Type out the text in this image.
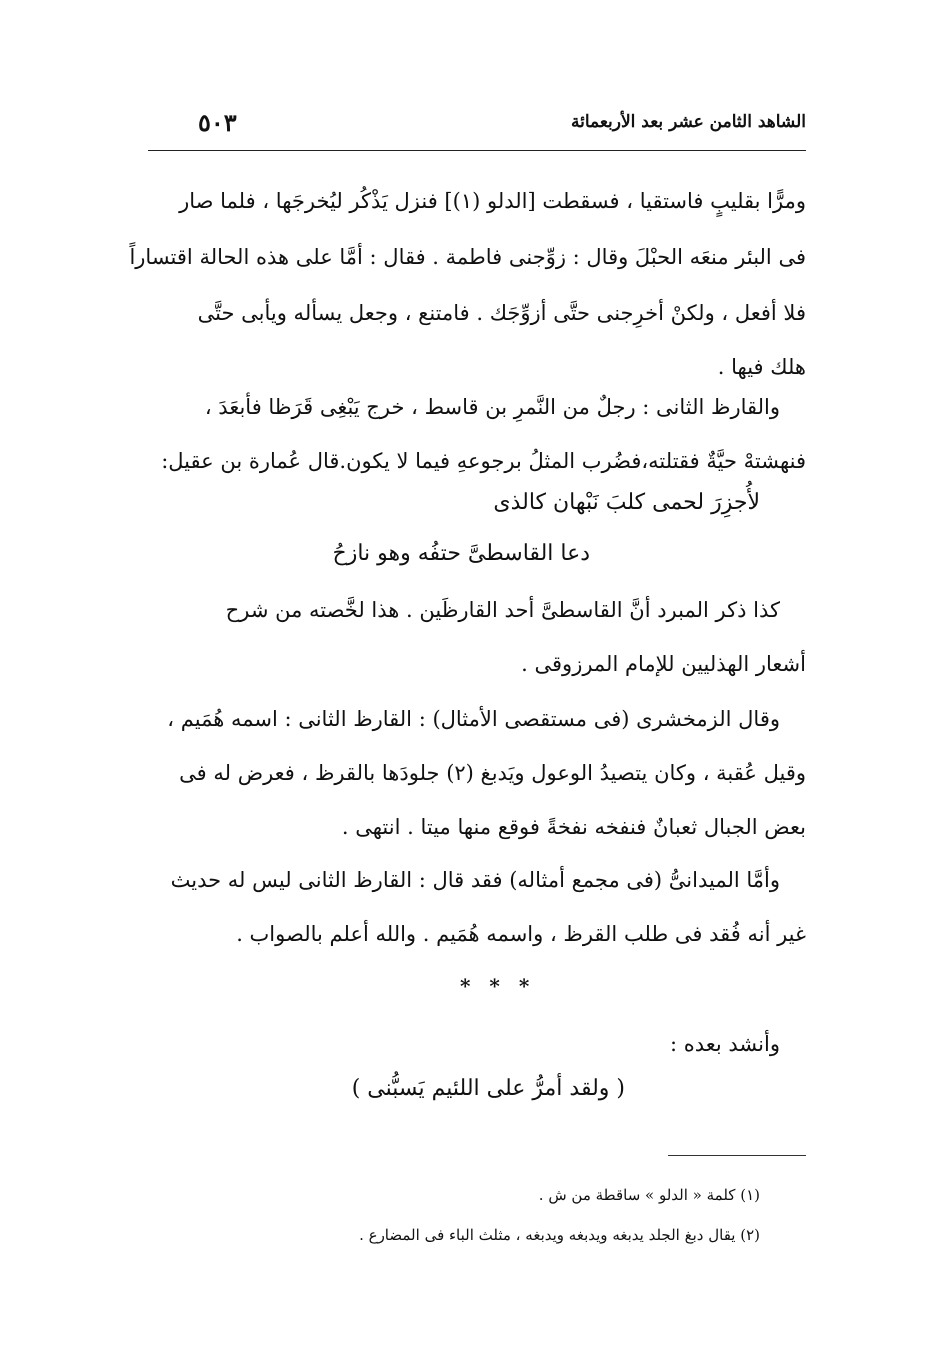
الشاهد الثامن عشر بعد الأربعمائة
٥٠٣
ومرًّا بقليبٍ فاستقيا ، فسقطت [الدلو (١)] فنزل يَذْكُر ليُخرجَها ، فلما صار
فى البئر منعَه الحبْلَ وقال : زوِّجنى فاطمة . فقال : أمَّا على هذه الحالة اقتساراً
فلا أفعل ، ولكنْ أخرِجنى حتَّى أزوِّجَك . فامتنع ، وجعل يسأله ويأبى حتَّى
هلك فيها .
والقارظ الثانى : رجلٌ من النَّمرِ بن قاسط ، خرج يَبْغِى قَرَظا فأبعَدَ ،
فنهشتهْ حيَّةٌ فقتلته،فضُرب المثلُ برجوعهِ فيما لا يكون.قال عُمارة بن عقيل:
لأُجزِرَ لحمى كلبَ نَبْهان كالذى
دعا القاسطىَّ حتفُه وهو نازحُ
كذا ذكر المبرد أنَّ القاسطىَّ أحد القارظَين . هذا لخَّصته من شرح
أشعار الهذليين للإمام المرزوقى .
وقال الزمخشرى (فى مستقصى الأمثال) : القارظ الثانى : اسمه هُمَيم ،
وقيل عُقبة ، وكان يتصيدُ الوعول ويَدبغ (٢) جلودَها بالقرظ ، فعرض له فى
بعض الجبال ثعبانٌ فنفخه نفخةً فوقع منها ميتا . انتهى .
وأمَّا الميدانىُّ (فى مجمع أمثاله) فقد قال : القارظ الثانى ليس له حديث
غير أنه فُقد فى طلب القرظ ، واسمه هُمَيم . والله أعلم بالصواب .
* * *
وأنشد بعده :
( ولقد أمرُّ على اللئيم يَسبُّنى )
(١) كلمة « الدلو » ساقطة من ش .
(٢) يقال دبغ الجلد يدبغه ويدبغه ويدبغه ، مثلث الباء فى المضارع .
